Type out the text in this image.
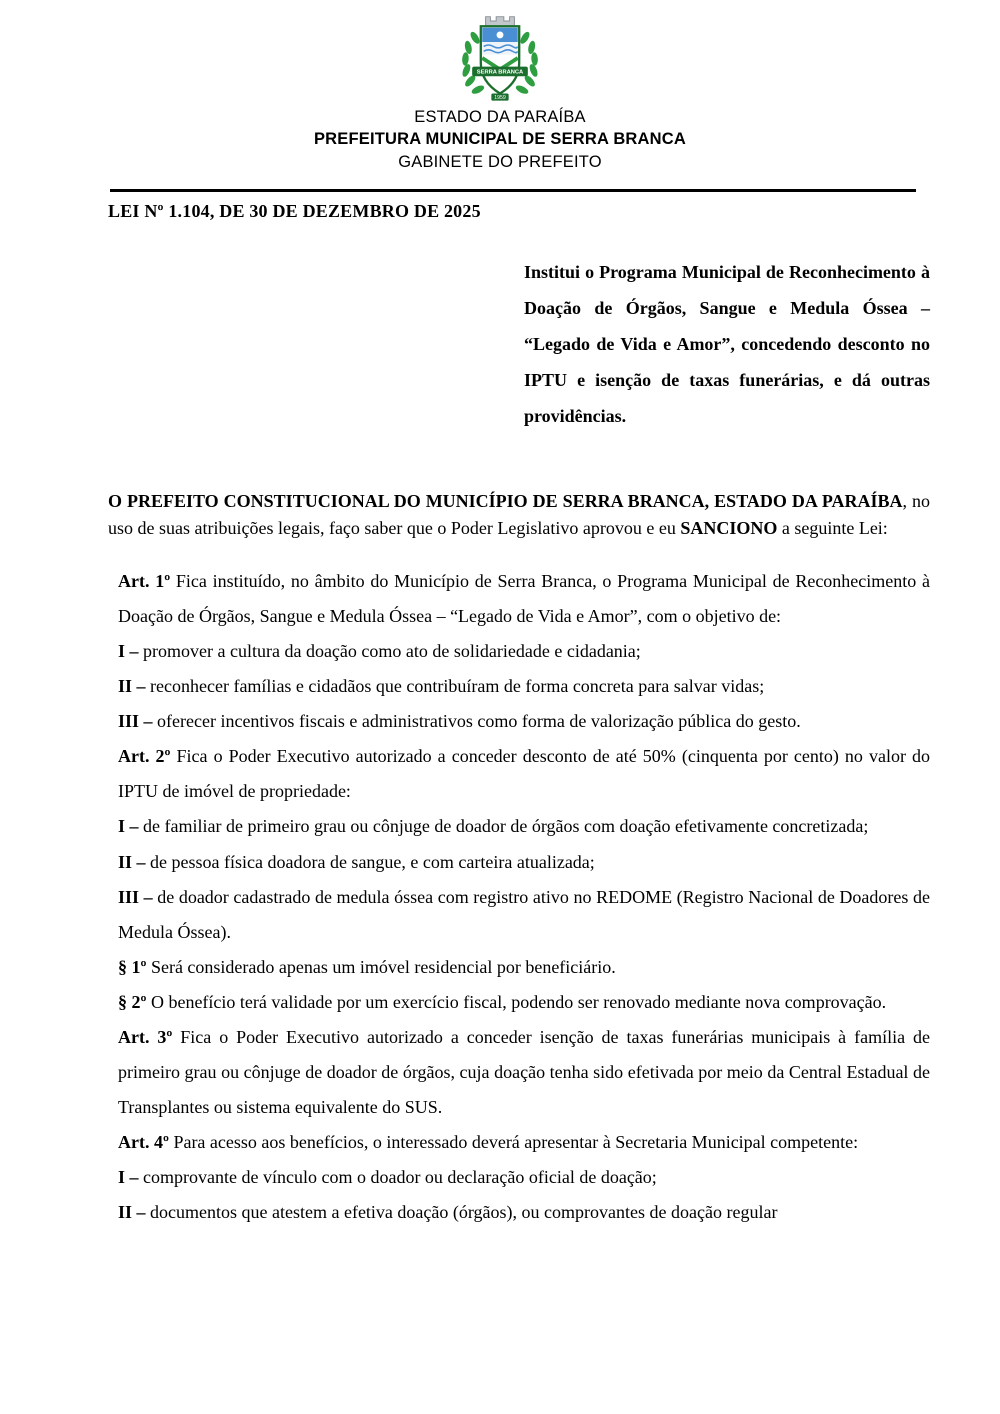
SERRA BRANCA
1959
ESTADO DA PARAÍBA
PREFEITURA MUNICIPAL DE SERRA BRANCA
GABINETE DO PREFEITO
LEI Nº 1.104, DE 30 DE DEZEMBRO DE 2025
Institui o Programa Municipal de Reconhecimento à Doação de Órgãos, Sangue e Medula Óssea – “Legado de Vida e Amor”, concedendo desconto no IPTU e isenção de taxas funerárias, e dá outras providências.
O PREFEITO CONSTITUCIONAL DO MUNICÍPIO DE SERRA BRANCA, ESTADO DA PARAÍBA, no uso de suas atribuições legais, faço saber que o Poder Legislativo aprovou e eu SANCIONO a seguinte Lei:

Art. 1º Fica instituído, no âmbito do Município de Serra Branca, o Programa Municipal de Reconhecimento à Doação de Órgãos, Sangue e Medula Óssea – “Legado de Vida e Amor”, com o objetivo de:

I – promover a cultura da doação como ato de solidariedade e cidadania;

II – reconhecer famílias e cidadãos que contribuíram de forma concreta para salvar vidas;

III – oferecer incentivos fiscais e administrativos como forma de valorização pública do gesto.

Art. 2º Fica o Poder Executivo autorizado a conceder desconto de até 50% (cinquenta por cento) no valor do IPTU de imóvel de propriedade:

I – de familiar de primeiro grau ou cônjuge de doador de órgãos com doação efetivamente concretizada;

II – de pessoa física doadora de sangue, e com carteira atualizada;

III – de doador cadastrado de medula óssea com registro ativo no REDOME (Registro Nacional de Doadores de Medula Óssea).

§ 1º Será considerado apenas um imóvel residencial por beneficiário.

§ 2º O benefício terá validade por um exercício fiscal, podendo ser renovado mediante nova comprovação.

Art. 3º Fica o Poder Executivo autorizado a conceder isenção de taxas funerárias municipais à família de primeiro grau ou cônjuge de doador de órgãos, cuja doação tenha sido efetivada por meio da Central Estadual de Transplantes ou sistema equivalente do SUS.

Art. 4º Para acesso aos benefícios, o interessado deverá apresentar à Secretaria Municipal competente:

I – comprovante de vínculo com o doador ou declaração oficial de doação;

II – documentos que atestem a efetiva doação (órgãos), ou comprovantes de doação regular
